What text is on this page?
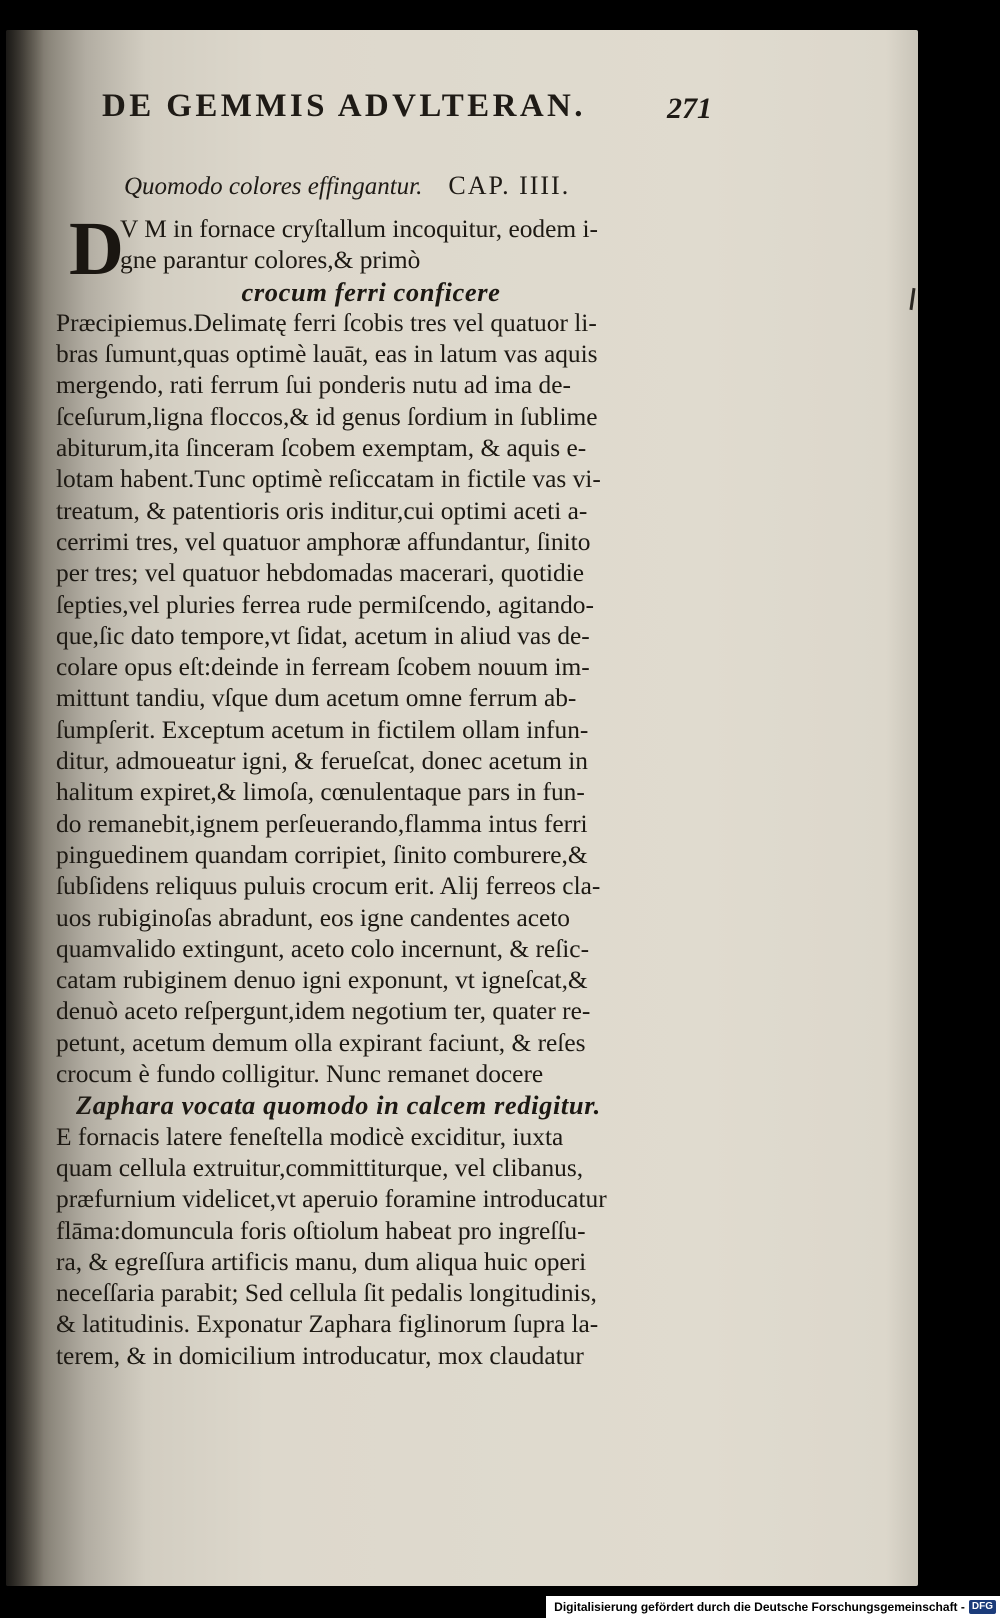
DE GEMMIS ADVLTERAN.	271
Quomodo colores effingantur. CAP. IIII.
D
V M in fornace cryſtallum incoquitur, eodem i-
gne parantur colores,& primò
crocum ferri conficere
Præcipiemus.Delimatę ferri ſcobis tres vel quatuor li-
bras ſumunt,quas optimè lauāt, eas in latum vas aquis
mergendo, rati ferrum ſui ponderis nutu ad ima de-
ſceſurum,ligna floccos,& id genus ſordium in ſublime
abiturum,ita ſinceram ſcobem exemptam, & aquis e-
lotam habent.Tunc optimè reſiccatam in fictile vas vi-
treatum, & patentioris oris inditur,cui optimi aceti a-
cerrimi tres, vel quatuor amphoræ affundantur, ſinito
per tres; vel quatuor hebdomadas macerari, quotidie
ſepties,vel pluries ferrea rude permiſcendo, agitando-
que,ſic dato tempore,vt ſidat, acetum in aliud vas de-
colare opus eſt:deinde in ferream ſcobem nouum im-
mittunt tandiu, vſque dum acetum omne ferrum ab-
ſumpſerit. Exceptum acetum in fictilem ollam infun-
ditur, admoueatur igni, & ferueſcat, donec acetum in
halitum expiret,& limoſa, cœnulentaque pars in fun-
do remanebit,ignem perſeuerando,flamma intus ferri
pinguedinem quandam corripiet, ſinito comburere,&
ſubſidens reliquus puluis crocum erit. Alij ferreos cla-
uos rubiginoſas abradunt, eos igne candentes aceto
quamvalido extingunt, aceto colo incernunt, & reſic-
catam rubiginem denuo igni exponunt, vt igneſcat,&
denuò aceto reſpergunt,idem negotium ter, quater re-
petunt, acetum demum olla expirant faciunt, & reſes
crocum è fundo colligitur. Nunc remanet docere
Zaphara vocata quomodo in calcem redigitur.
E fornacis latere feneſtella modicè exciditur, iuxta
quam cellula extruitur,committiturque, vel clibanus,
præfurnium videlicet,vt aperuio foramine introducatur
flāma:domuncula foris oſtiolum habeat pro ingreſſu-
ra, & egreſſura artificis manu, dum aliqua huic operi
neceſſaria parabit; Sed cellula ſit pedalis longitudinis,
& latitudinis. Exponatur Zaphara figlinorum ſupra la-
terem, & in domicilium introducatur, mox claudatur
Digitalisierung gefördert durch die Deutsche Forschungsgemeinschaft - DFG
